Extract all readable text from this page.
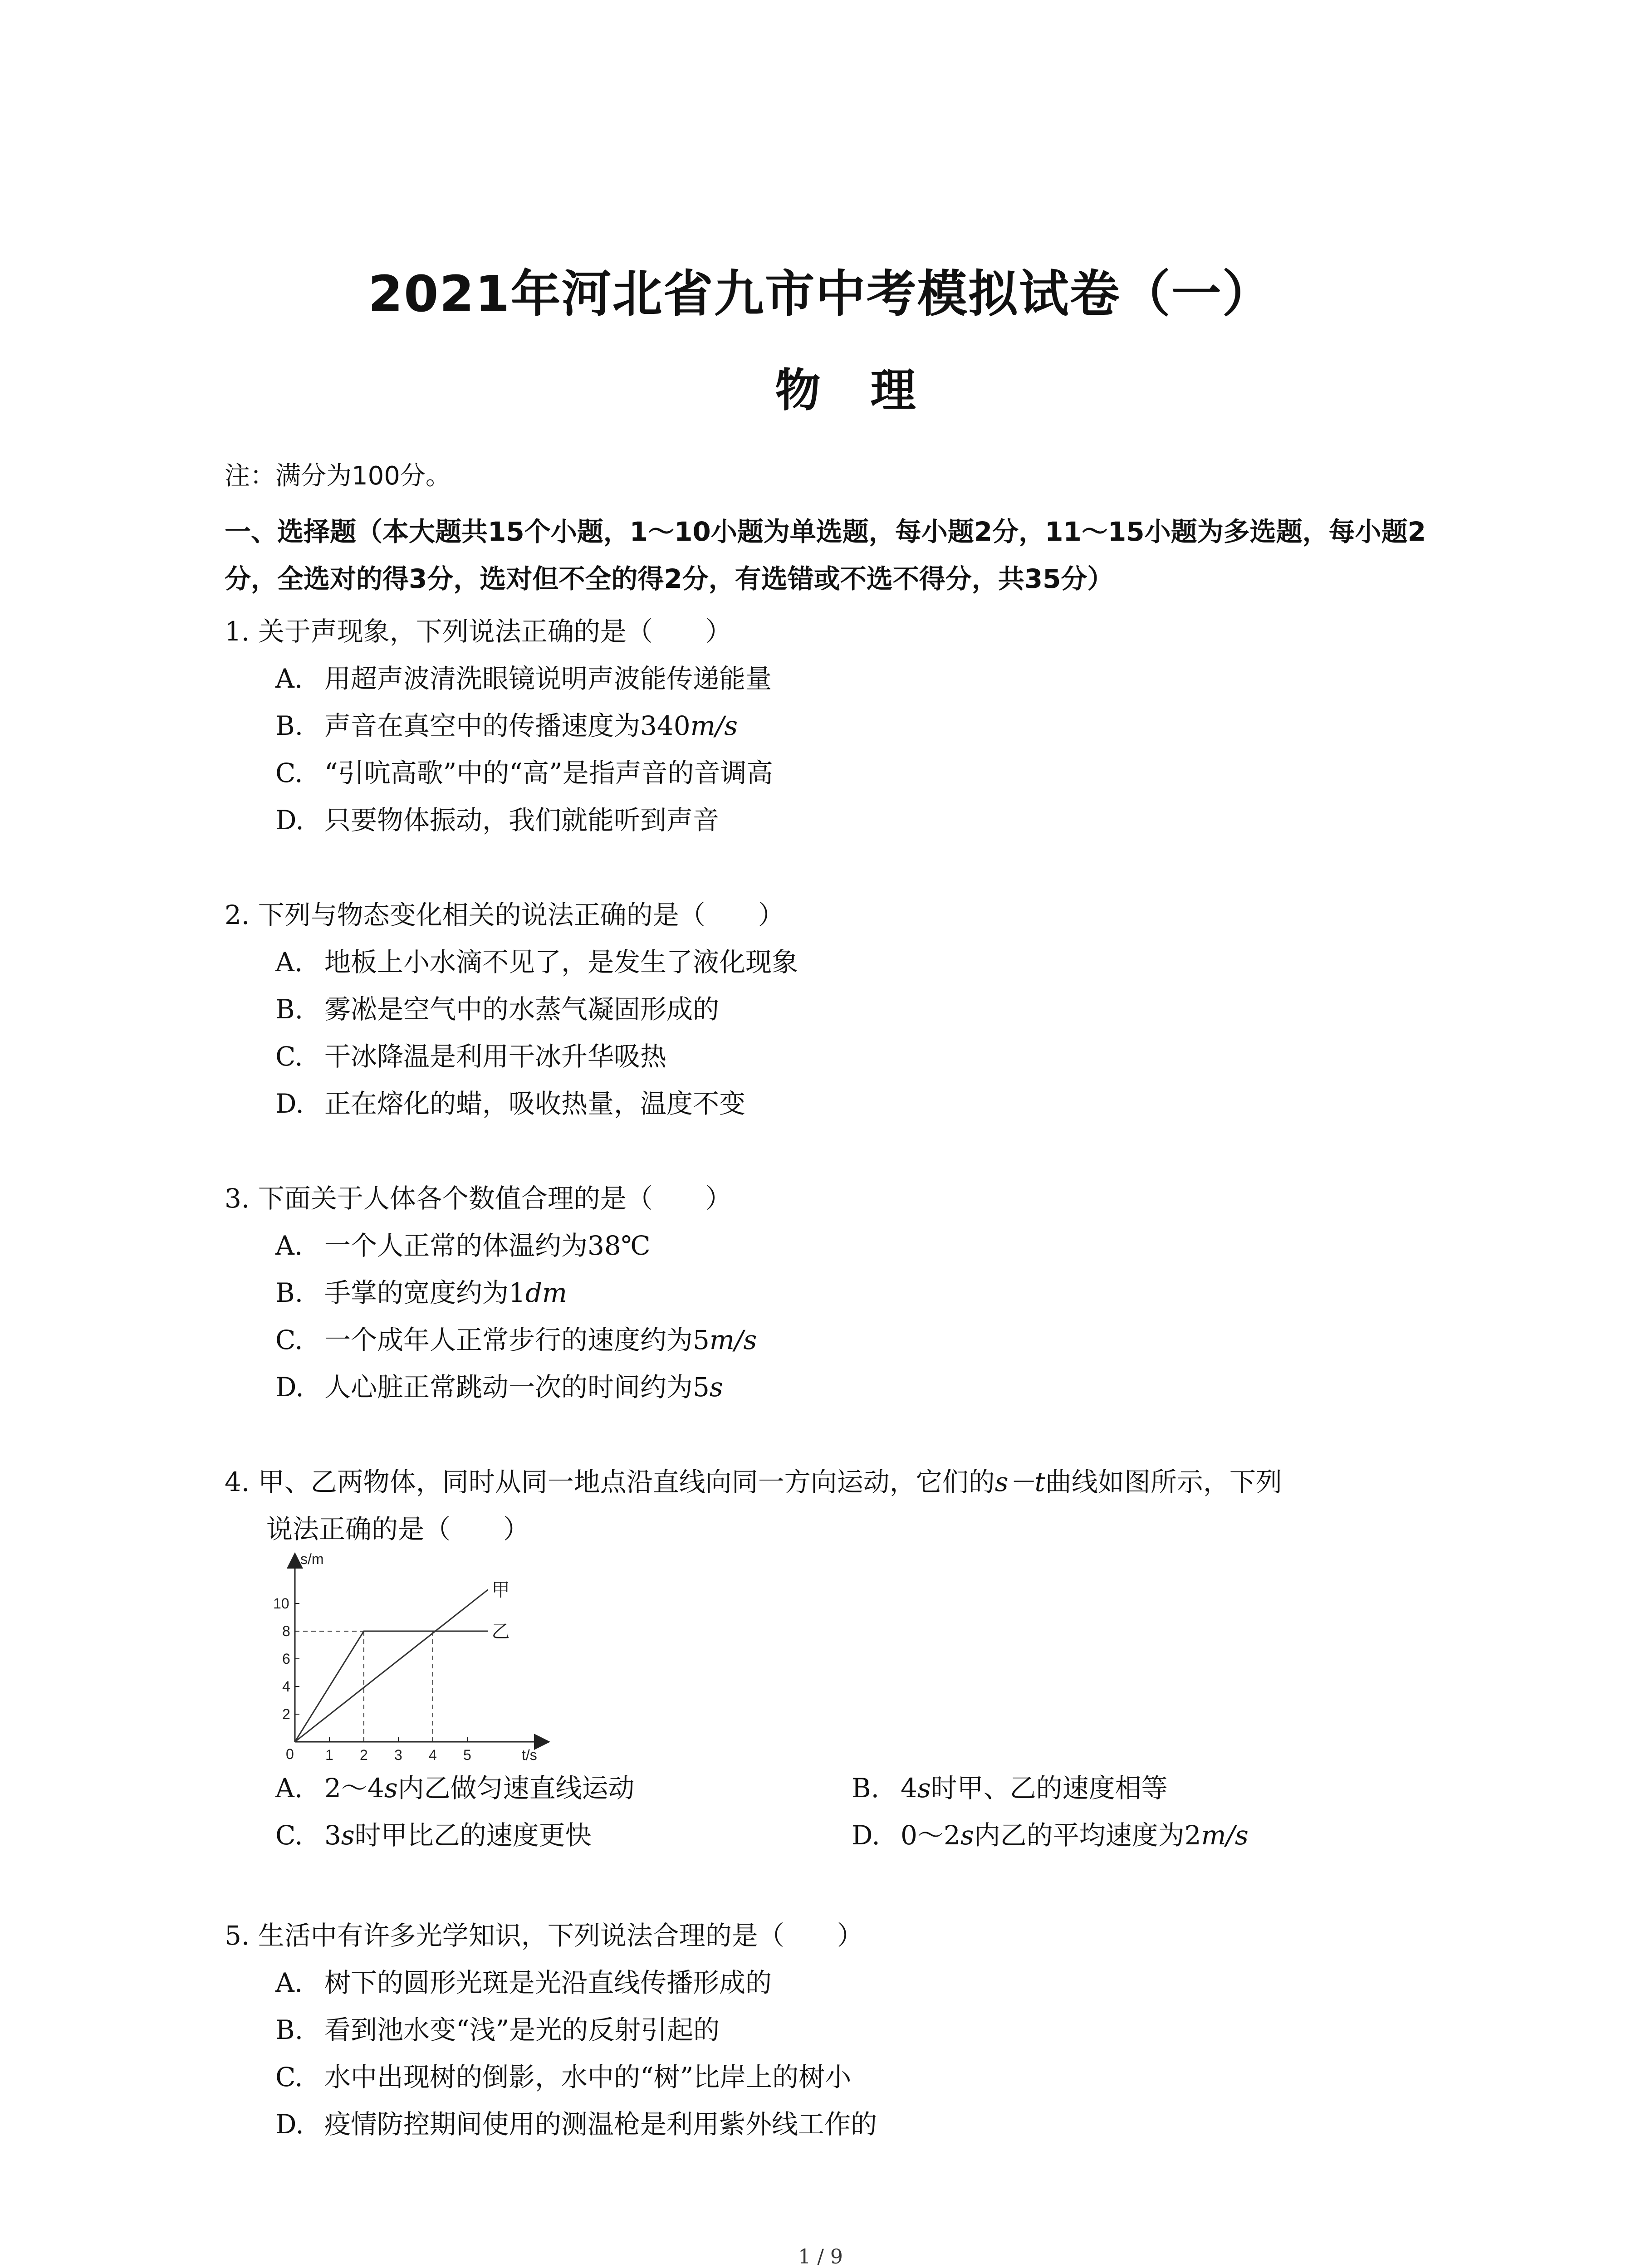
2021年河北省九市中考模拟试卷（一）
物理
注：满分为100分。
一、选择题（本大题共15个小题，1～10小题为单选题，每小题2分，11～15小题为多选题，每小题2分，全选对的得3分，选对但不全的得2分，有选错或不选不得分，共35分）
1. 关于声现象，下列说法正确的是（　　）
A. 用超声波清洗眼镜说明声波能传递能量
B. 声音在真空中的传播速度为340m/s
C. “引吭高歌”中的“高”是指声音的音调高
D. 只要物体振动，我们就能听到声音
2. 下列与物态变化相关的说法正确的是（　　）
A. 地板上小水滴不见了，是发生了液化现象
B. 雾凇是空气中的水蒸气凝固形成的
C. 干冰降温是利用干冰升华吸热
D. 正在熔化的蜡，吸收热量，温度不变
3. 下面关于人体各个数值合理的是（　　）
A. 一个人正常的体温约为38℃
B. 手掌的宽度约为1dm
C. 一个成年人正常步行的速度约为5m/s
D. 人心脏正常跳动一次的时间约为5s
4. 甲、乙两物体，同时从同一地点沿直线向同一方向运动，它们的s－t曲线如图所示，下列
说法正确的是（　　）
1 2 3 4 5
2
4
6
8
10
甲
乙
s/m
t/s
0
A. 2～4s内乙做匀速直线运动	B. 4s时甲、乙的速度相等
C. 3s时甲比乙的速度更快	D. 0～2s内乙的平均速度为2m/s
5. 生活中有许多光学知识，下列说法合理的是（　　）
A. 树下的圆形光斑是光沿直线传播形成的
B. 看到池水变“浅”是光的反射引起的
C. 水中出现树的倒影，水中的“树”比岸上的树小
D. 疫情防控期间使用的测温枪是利用紫外线工作的
1 / 9
